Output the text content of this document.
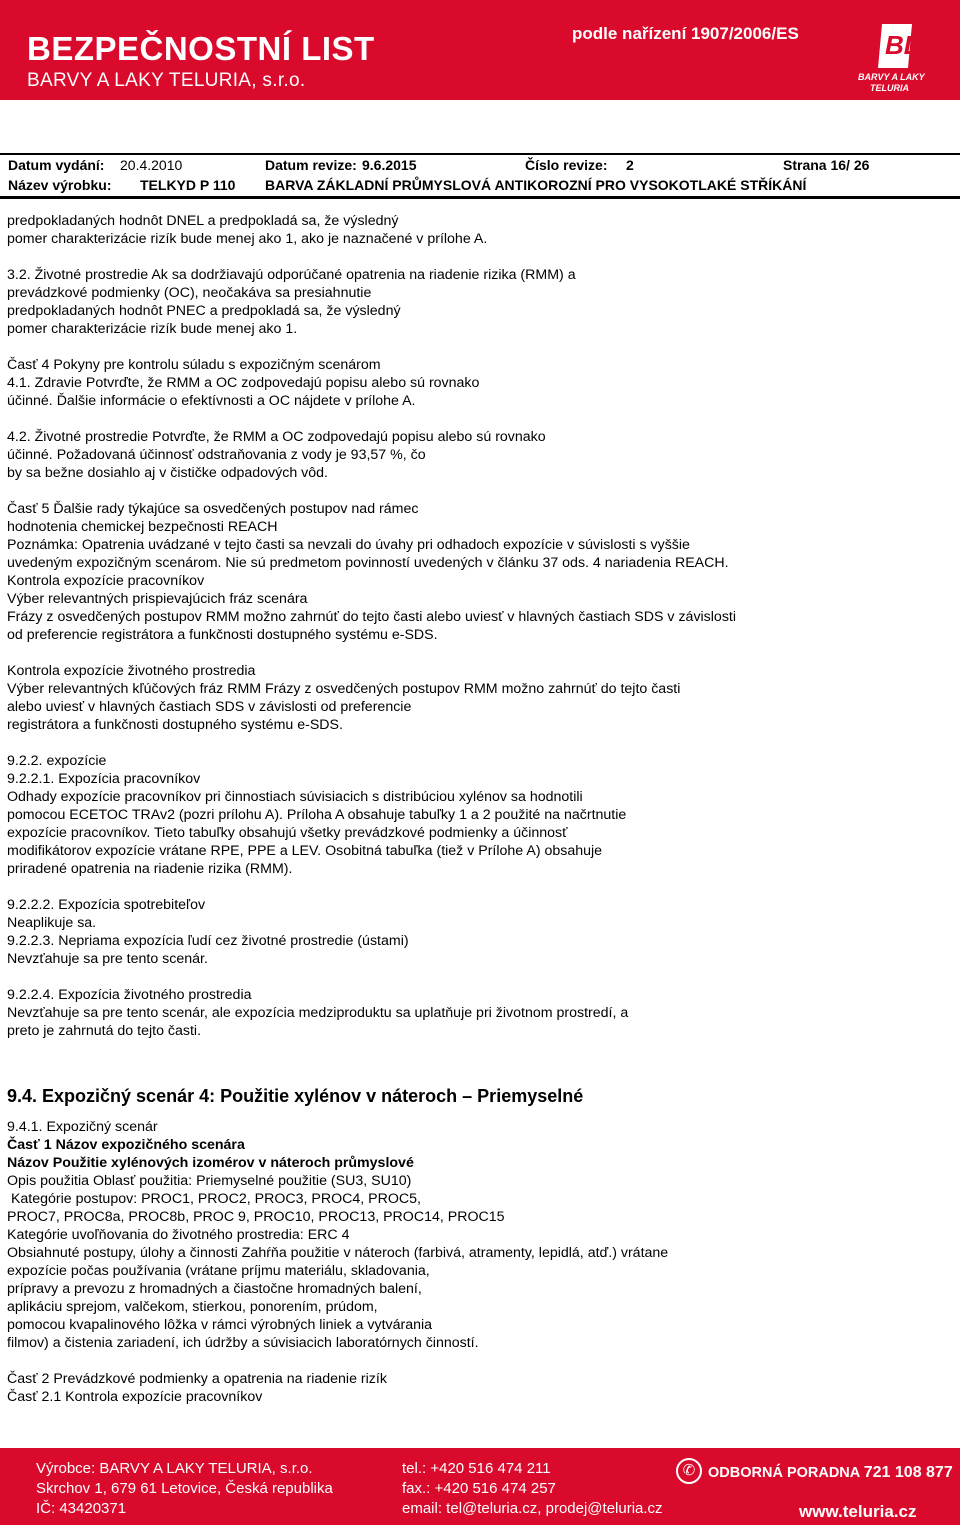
BEZPEČNOSTNÍ LIST
BARVY A LAKY TELURIA, s.r.o.
podle nařízení 1907/2006/ES	BL
BARVY A LAKY
TELURIA
Datum vydání: 20.4.2010	Datum revize: 9.6.2015	Číslo revize: 2	Strana 16/ 26
Název výrobku: TELKYD P 110 BARVA ZÁKLADNÍ PRŮMYSLOVÁ ANTIKOROZNÍ PRO VYSOKOTLAKÉ STŘÍKÁNÍ

predpokladaných hodnôt DNEL a predpokladá sa, že výsledný

pomer charakterizácie rizík bude menej ako 1, ako je naznačené v prílohe A.

3.2. Životné prostredie Ak sa dodržiavajú odporúčané opatrenia na riadenie rizika (RMM) a

prevádzkové podmienky (OC), neočakáva sa presiahnutie

predpokladaných hodnôt PNEC a predpokladá sa, že výsledný

pomer charakterizácie rizík bude menej ako 1.

Časť 4 Pokyny pre kontrolu súladu s expozičným scenárom

4.1. Zdravie Potvrďte, že RMM a OC zodpovedajú popisu alebo sú rovnako

účinné. Ďalšie informácie o efektívnosti a OC nájdete v prílohe A.

4.2. Životné prostredie Potvrďte, že RMM a OC zodpovedajú popisu alebo sú rovnako

účinné. Požadovaná účinnosť odstraňovania z vody je 93,57 %, čo

by sa bežne dosiahlo aj v čističke odpadových vôd.

Časť 5 Ďalšie rady týkajúce sa osvedčených postupov nad rámec

hodnotenia chemickej bezpečnosti REACH

Poznámka: Opatrenia uvádzané v tejto časti sa nevzali do úvahy pri odhadoch expozície v súvislosti s vyššie

uvedeným expozičným scenárom. Nie sú predmetom povinností uvedených v článku 37 ods. 4 nariadenia REACH.

Kontrola expozície pracovníkov

Výber relevantných prispievajúcich fráz scenára

Frázy z osvedčených postupov RMM možno zahrnúť do tejto časti alebo uviesť v hlavných častiach SDS v závislosti

od preferencie registrátora a funkčnosti dostupného systému e-SDS.

Kontrola expozície životného prostredia

Výber relevantných kľúčových fráz RMM Frázy z osvedčených postupov RMM možno zahrnúť do tejto časti

alebo uviesť v hlavných častiach SDS v závislosti od preferencie

registrátora a funkčnosti dostupného systému e-SDS.

9.2.2. expozície

9.2.2.1. Expozícia pracovníkov

Odhady expozície pracovníkov pri činnostiach súvisiacich s distribúciou xylénov sa hodnotili

pomocou ECETOC TRAv2 (pozri prílohu A). Príloha A obsahuje tabuľky 1 a 2 použité na načrtnutie

expozície pracovníkov. Tieto tabuľky obsahujú všetky prevádzkové podmienky a účinnosť

modifikátorov expozície vrátane RPE, PPE a LEV. Osobitná tabuľka (tiež v Prílohe A) obsahuje

priradené opatrenia na riadenie rizika (RMM).

9.2.2.2. Expozícia spotrebiteľov

Neaplikuje sa.

9.2.2.3. Nepriama expozícia ľudí cez životné prostredie (ústami)

Nevzťahuje sa pre tento scenár.

9.2.2.4. Expozícia životného prostredia

Nevzťahuje sa pre tento scenár, ale expozícia medziproduktu sa uplatňuje pri životnom prostredí, a

preto je zahrnutá do tejto časti.

9.4. Expozičný scenár 4: Použitie xylénov v náteroch – Priemyselné

9.4.1. Expozičný scenár

Časť 1 Názov expozičného scenára

Názov Použitie xylénových izomérov v náteroch průmyslové

Opis použitia Oblasť použitia: Priemyselné použitie (SU3, SU10)

Kategórie postupov: PROC1, PROC2, PROC3, PROC4, PROC5,

PROC7, PROC8a, PROC8b, PROC 9, PROC10, PROC13, PROC14, PROC15

Kategórie uvoľňovania do životného prostredia: ERC 4

Obsiahnuté postupy, úlohy a činnosti Zahŕňa použitie v náteroch (farbivá, atramenty, lepidlá, atď.) vrátane

expozície počas používania (vrátane príjmu materiálu, skladovania,

prípravy a prevozu z hromadných a čiastočne hromadných balení,

aplikáciu sprejom, valčekom, stierkou, ponorením, prúdom,

pomocou kvapalinového lôžka v rámci výrobných liniek a vytvárania

filmov) a čistenia zariadení, ich údržby a súvisiacich laboratórnych činností.

Časť 2 Prevádzkové podmienky a opatrenia na riadenie rizík

Časť 2.1 Kontrola expozície pracovníkov

Výrobce: BARVY A LAKY TELURIA, s.r.o.
Skrchov 1, 679 61 Letovice, Česká republika
IČ: 43420371
tel.: +420 516 474 211
fax.: +420 516 474 257
email: tel@teluria.cz, prodej@teluria.cz
✆ ODBORNÁ PORADNA 721 108 877
www.teluria.cz
